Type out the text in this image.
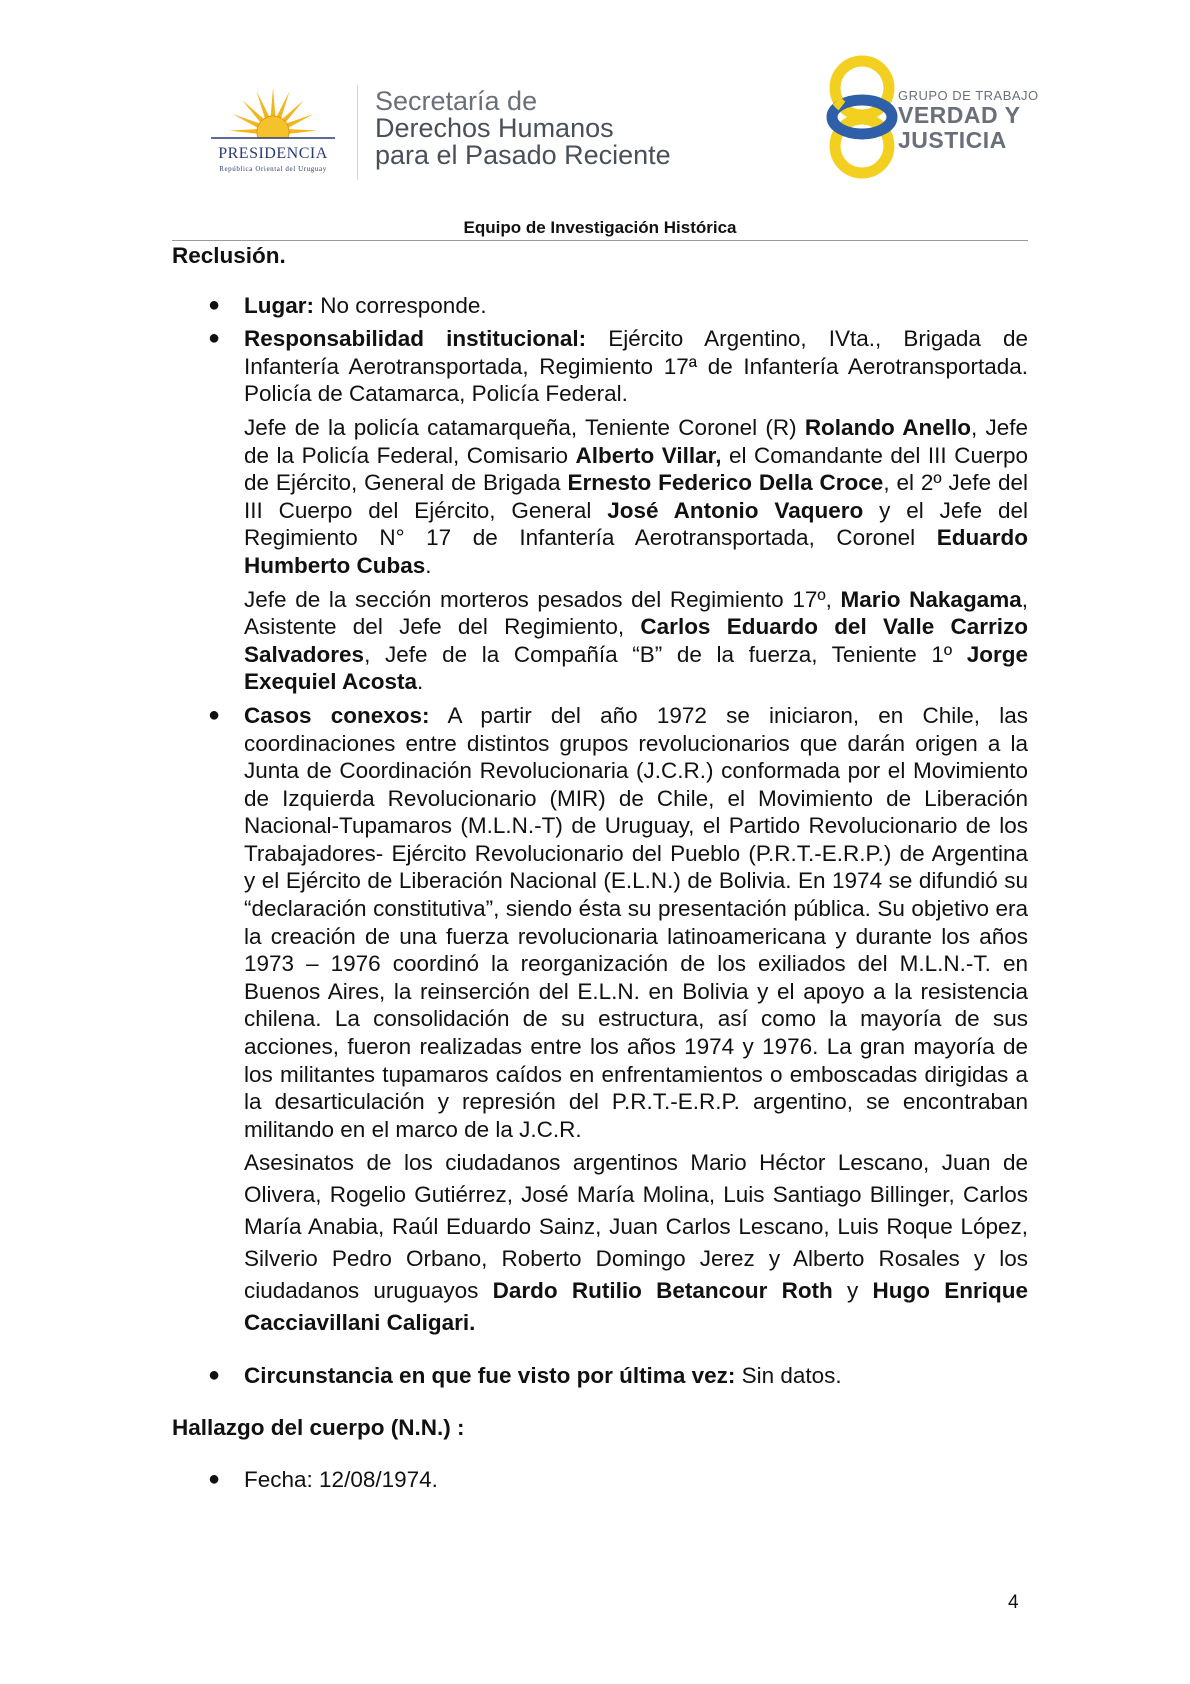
PRESIDENCIA
República Oriental del Uruguay
Secretaría de
Derechos Humanos
para el Pasado Reciente
GRUPO DE TRABAJO
VERDAD Y
JUSTICIA
Equipo de Investigación Histórica
Reclusión.
● Lugar: No corresponde.
● Responsabilidad institucional: Ejército Argentino, IVta., Brigada de Infantería Aerotransportada, Regimiento 17ª de Infantería Aerotransportada. Policía de Catamarca, Policía Federal.

Jefe de la policía catamarqueña, Teniente Coronel (R) Rolando Anello, Jefe de la Policía Federal, Comisario Alberto Villar, el Comandante del III Cuerpo de Ejército, General de Brigada Ernesto Federico Della Croce, el 2º Jefe del III Cuerpo del Ejército, General José Antonio Vaquero y el Jefe del Regimiento N° 17 de Infantería Aerotransportada, Coronel Eduardo Humberto Cubas.

Jefe de la sección morteros pesados del Regimiento 17º, Mario Nakagama, Asistente del Jefe del Regimiento, Carlos Eduardo del Valle Carrizo Salvadores, Jefe de la Compañía “B” de la fuerza, Teniente 1º Jorge Exequiel Acosta.

● Casos conexos: A partir del año 1972 se iniciaron, en Chile, las coordinaciones entre distintos grupos revolucionarios que darán origen a la Junta de Coordinación Revolucionaria (J.C.R.) conformada por el Movimiento de Izquierda Revolucionario (MIR) de Chile, el Movimiento de Liberación Nacional-Tupamaros (M.L.N.-T) de Uruguay, el Partido Revolucionario de los Trabajadores- Ejército Revolucionario del Pueblo (P.R.T.-E.R.P.) de Argentina y el Ejército de Liberación Nacional (E.L.N.) de Bolivia. En 1974 se difundió su “declaración constitutiva”, siendo ésta su presentación pública. Su objetivo era la creación de una fuerza revolucionaria latinoamericana y durante los años 1973 – 1976 coordinó la reorganización de los exiliados del M.L.N.-T. en Buenos Aires, la reinserción del E.L.N. en Bolivia y el apoyo a la resistencia chilena. La consolidación de su estructura, así como la mayoría de sus acciones, fueron realizadas entre los años 1974 y 1976. La gran mayoría de los militantes tupamaros caídos en enfrentamientos o emboscadas dirigidas a la desarticulación y represión del P.R.T.-E.R.P. argentino, se encontraban militando en el marco de la J.C.R.

Asesinatos de los ciudadanos argentinos Mario Héctor Lescano, Juan de Olivera, Rogelio Gutiérrez, José María Molina, Luis Santiago Billinger, Carlos María Anabia, Raúl Eduardo Sainz, Juan Carlos Lescano, Luis Roque López, Silverio Pedro Orbano, Roberto Domingo Jerez y Alberto Rosales y los ciudadanos uruguayos Dardo Rutilio Betancour Roth y Hugo Enrique Cacciavillani Caligari.

● Circunstancia en que fue visto por última vez: Sin datos.
Hallazgo del cuerpo (N.N.) :
● Fecha: 12/08/1974.
4
